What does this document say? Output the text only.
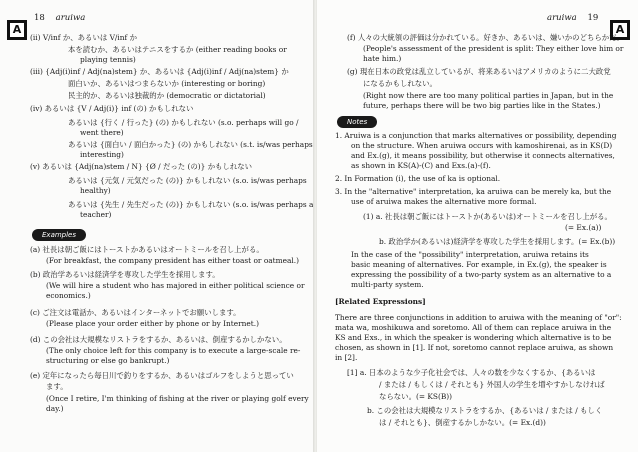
A
18 aruiwa
Examples
(ii) V/inf か、あるいは V/inf か
本を読むか、あるいはテニスをするか (either reading books or
playing tennis)
(iii) {Adj(i)inf / Adj(na)stem} か、あるいは {Adj(i)inf / Adj(na)stem} か
面白いか、あるいはつまらないか (interesting or boring)
民主的か、あるいは独裁的か (democratic or dictatorial)
(iv) あるいは {V / Adj(i)} inf (の) かもしれない
あるいは {行く / 行った} (の) かもしれない (s.o. perhaps will go /
went there)
あるいは {面白い / 面白かった} (の) かもしれない (s.t. is/was perhaps
interesting)
(v) あるいは {Adj(na)stem / N} {Ø / だった (の)} かもしれない
あるいは {元気 / 元気だった (の)} かもしれない (s.o. is/was perhaps
healthy)
あるいは {先生 / 先生だった (の)} かもしれない (s.o. is/was perhaps a
teacher)
(a) 社長は朝ご飯にはトーストかあるいはオートミールを召し上がる。
(For breakfast, the company president has either toast or oatmeal.)
(b) 政治学あるいは経済学を専攻した学生を採用します。
(We will hire a student who has majored in either political science or
economics.)
(c) ご注文は電話か、あるいはインターネットでお願いします。
(Please place your order either by phone or by Internet.)
(d) この会社は大規模なリストラをするか、あるいは、倒産するかしかない。
(The only choice left for this company is to execute a large-scale re-
structuring or else go bankrupt.)
(e) 定年になったら毎日川で釣りをするか、あるいはゴルフをしようと思ってい
ます。
(Once I retire, I'm thinking of fishing at the river or playing golf every
day.)
aruiwa 19
A
Notes
(f) 人々の大統領の評価は分かれている。好きか、あるいは、嫌いかのどちらかだ。
(People's assessment of the president is split: They either love him or
hate him.)
(g) 現在日本の政党は乱立しているが、将来あるいはアメリカのように二大政党
になるかもしれない。
(Right now there are too many political parties in Japan, but in the
future, perhaps there will be two big parties like in the States.)
1. Aruiwa is a conjunction that marks alternatives or possibility, depending
on the structure. When aruiwa occurs with kamoshirenai, as in KS(D)
and Ex.(g), it means possibility, but otherwise it connects alternatives,
as shown in KS(A)-(C) and Exs.(a)-(f).
2. In Formation (i), the use of ka is optional.
3. In the "alternative" interpretation, ka aruiwa can be merely ka, but the
use of aruiwa makes the alternative more formal.
(1) a. 社長は朝ご飯にはトーストか(あるいは)オートミールを召し上がる。
(= Ex.(a))
b. 政治学か(あるいは)経済学を専攻した学生を採用します。(= Ex.(b))
In the case of the "possibility" interpretation, aruiwa retains its
basic meaning of alternatives. For example, in Ex.(g), the speaker is
expressing the possibility of a two-party system as an alternative to a
multi-party system.
[Related Expressions]
There are three conjunctions in addition to aruiwa with the meaning of "or":
mata wa, moshikuwa and soretomo. All of them can replace aruiwa in the
KS and Exs., in which the speaker is wondering which alternative is to be
chosen, as shown in [1]. If not, soretomo cannot replace aruiwa, as shown
in [2].
[1] a. 日本のような少子化社会では、人々の数を少なくするか、{あるいは
/ または / もしくは / それとも} 外国人の学生を増やすかしなければ
ならない。(= KS(B))
b. この会社は大規模なリストラをするか、{あるいは / または / もしく
は / それとも}、倒産するかしかない。(= Ex.(d))
